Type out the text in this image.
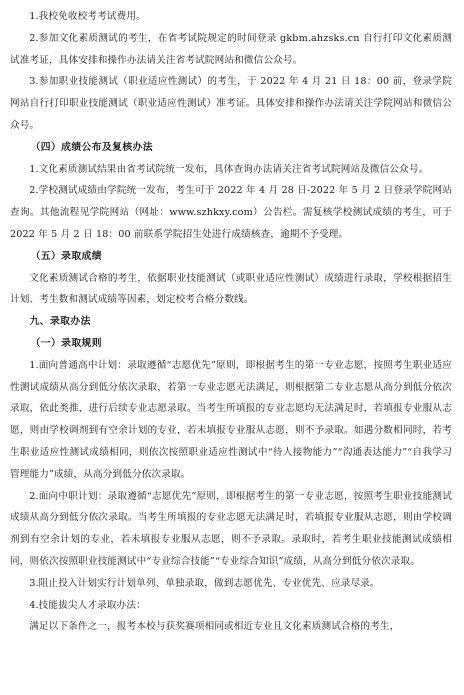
1.我校免收校考考试费用。

2.参加文化素质测试的考生，在省考试院规定的时间登录 gkbm.ahzsks.cn 自行打印文化素质测试准考证，具体安排和操作办法请关注省考试院网站和微信公众号。

3.参加职业技能测试（职业适应性测试）的考生，于 2022 年 4 月 21 日 18：00 前，登录学院网站自行打印职业技能测试（职业适应性测试）准考证。具体安排和操作办法请关注学院网站和微信公众号。

（四）成绩公布及复核办法

1.文化素质测试结果由省考试院统一发布，具体查询办法请关注省考试院网站及微信公众号。

2.学校测试成绩由学院统一发布，考生可于 2022 年 4 月 28 日-2022 年 5 月 2 日登录学院网站查询。其他流程见学院网站（网址：www.szhkxy.com）公告栏。需复核学校测试成绩的考生，可于 2022 年 5 月 2 日 18：00 前联系学院招生处进行成绩核查，逾期不予受理。

（五）录取成绩

文化素质测试合格的考生，依据职业技能测试（或职业适应性测试）成绩进行录取，学校根据招生计划、考生数和测试成绩等因素，划定校考合格分数线。

九、录取办法

（一）录取规则

1.面向普通高中计划：录取遵循“志愿优先”原则，即根据考生的第一专业志愿，按照考生职业适应性测试成绩从高分到低分依次录取，若第一专业志愿无法满足，则根据第二专业志愿从高分到低分依次录取，依此类推，进行后续专业志愿录取。当考生所填报的专业志愿均无法满足时，若填报专业服从志愿，则由学校调剂到有空余计划的专业，若未填报专业服从志愿，则不予录取。如遇分数相同时，若考生职业适应性测试成绩相同，则依次按照职业适应性测试中“待人接物能力”“沟通表达能力”“自我学习管理能力”成绩，从高分到低分依次录取。

2.面向中职计划：录取遵循“志愿优先”原则，即根据考生的第一专业志愿，按照考生职业技能测试成绩从高分到低分依次录取。当考生所填报的专业志愿无法满足时，若填报专业服从志愿，则由学校调剂到有空余计划的专业，若未填报专业服从志愿，则不予录取。录取时，若考生职业技能测试成绩相同，则依次按照职业技能测试中“专业综合技能”“专业综合知识”成绩，从高分到低分依次录取。

3.阻止投入计划实行计划单列、单独录取，做到志愿优先、专业优先、应录尽录。

4.技能拔尖人才录取办法：

满足以下条件之一，报考本校与获奖赛项相同或相近专业且文化素质测试合格的考生，
